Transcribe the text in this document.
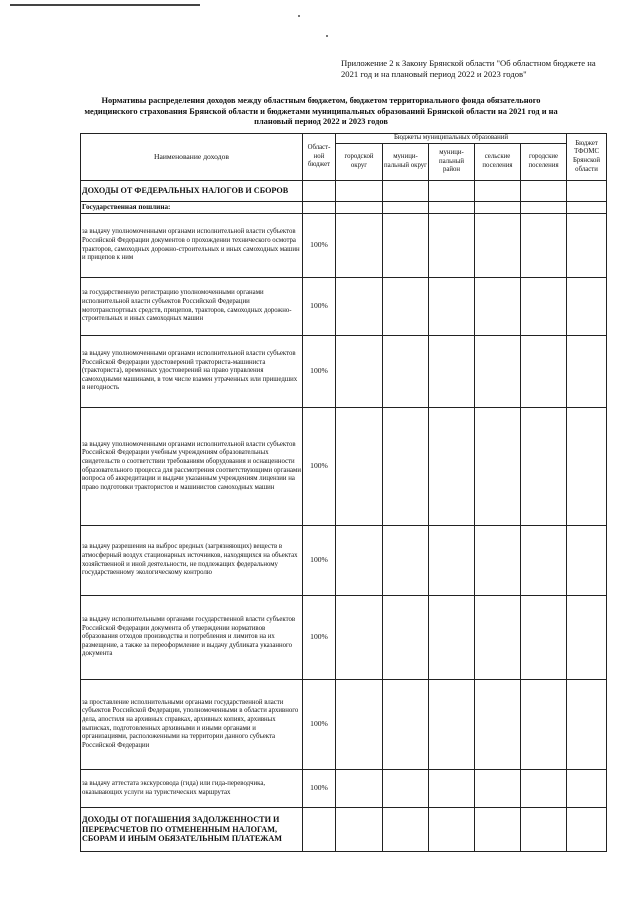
Приложение 2 к Закону Брянской области "Об областном бюджете на 2021 год и на плановый период 2022 и 2023 годов"
Нормативы распределения доходов между областным бюджетом, бюджетом территориального фонда обязательного медицинского страхования Брянской области и бюджетами муниципальных образований Брянской области на 2021 год и на плановый период 2022 и 2023 годов
Наименование доходов	Област-ной бюджет	Бюджеты муниципальных образований					Бюджет ТФОМС Брянской области
		городской округ	муници-пальный округ	муници-пальный район	сельские поселения	городские поселения	
ДОХОДЫ ОТ ФЕДЕРАЛЬНЫХ НАЛОГОВ И СБОРОВ							
Государственная пошлина:							
за выдачу уполномоченными органами исполнительной власти субъектов Российской Федерации документов о прохождении технического осмотра тракторов, самоходных дорожно-строительных и иных самоходных машин и прицепов к ним	100%						
за государственную регистрацию уполномоченными органами исполнительной власти субъектов Российской Федерации мототранспортных средств, прицепов, тракторов, самоходных дорожно-строительных и иных самоходных машин	100%						
за выдачу уполномоченными органами исполнительной власти субъектов Российской Федерации удостоверений тракториста-машиниста (тракториста), временных удостоверений на право управления самоходными машинами, в том числе взамен утраченных или пришедших в негодность	100%						
за выдачу уполномоченными органами исполнительной власти субъектов Российской Федерации учебным учреждениям образовательных свидетельств о соответствии требованиям оборудования и оснащенности образовательного процесса для рассмотрения соответствующими органами вопроса об аккредитации и выдачи указанным учреждениям лицензии на право подготовки трактористов и машинистов самоходных машин	100%						
за выдачу разрешения на выброс вредных (загрязняющих) веществ в атмосферный воздух стационарных источников, находящихся на объектах хозяйственной и иной деятельности, не подлежащих федеральному государственному экологическому контролю	100%						
за выдачу исполнительными органами государственной власти субъектов Российской Федерации документа об утверждении нормативов образования отходов производства и потребления и лимитов на их размещение, а также за переоформление и выдачу дубликата указанного документа	100%						
за проставление исполнительными органами государственной власти субъектов Российской Федерации, уполномоченными в области архивного дела, апостиля на архивных справках, архивных копиях, архивных выписках, подготовленных архивными и иными органами и организациями, расположенными на территории данного субъекта Российской Федерации	100%						
за выдачу аттестата экскурсовода (гида) или гида-переводчика, оказывающих услуги на туристических маршрутах	100%						
ДОХОДЫ ОТ ПОГАШЕНИЯ ЗАДОЛЖЕННОСТИ И ПЕРЕРАСЧЕТОВ ПО ОТМЕНЕННЫМ НАЛОГАМ, СБОРАМ И ИНЫМ ОБЯЗАТЕЛЬНЫМ ПЛАТЕЖАМ							
